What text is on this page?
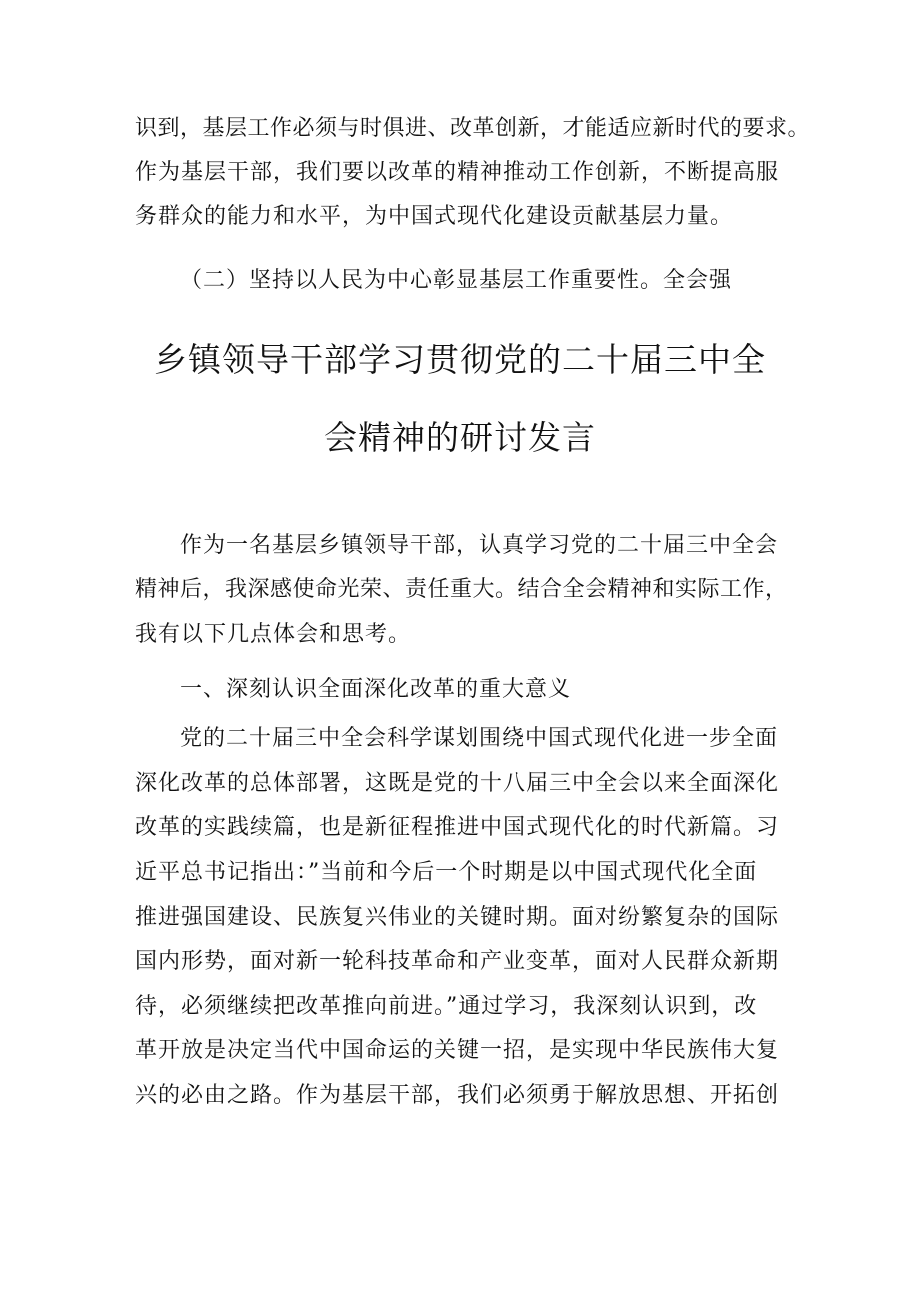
识到，基层工作必须与时俱进、改革创新，才能适应新时代的要求。

作为基层干部，我们要以改革的精神推动工作创新，不断提高服

务群众的能力和水平，为中国式现代化建设贡献基层力量。

（二）坚持以人民为中心彰显基层工作重要性。全会强

乡镇领导干部学习贯彻党的二十届三中全
会精神的研讨发言

作为一名基层乡镇领导干部，认真学习党的二十届三中全会

精神后，我深感使命光荣、责任重大。结合全会精神和实际工作，

我有以下几点体会和思考。

一、深刻认识全面深化改革的重大意义

党的二十届三中全会科学谋划围绕中国式现代化进一步全面

深化改革的总体部署，这既是党的十八届三中全会以来全面深化

改革的实践续篇，也是新征程推进中国式现代化的时代新篇。习

近平总书记指出：”当前和今后一个时期是以中国式现代化全面

推进强国建设、民族复兴伟业的关键时期。面对纷繁复杂的国际

国内形势，面对新一轮科技革命和产业变革，面对人民群众新期

待，必须继续把改革推向前进。”通过学习，我深刻认识到，改

革开放是决定当代中国命运的关键一招，是实现中华民族伟大复

兴的必由之路。作为基层干部，我们必须勇于解放思想、开拓创
